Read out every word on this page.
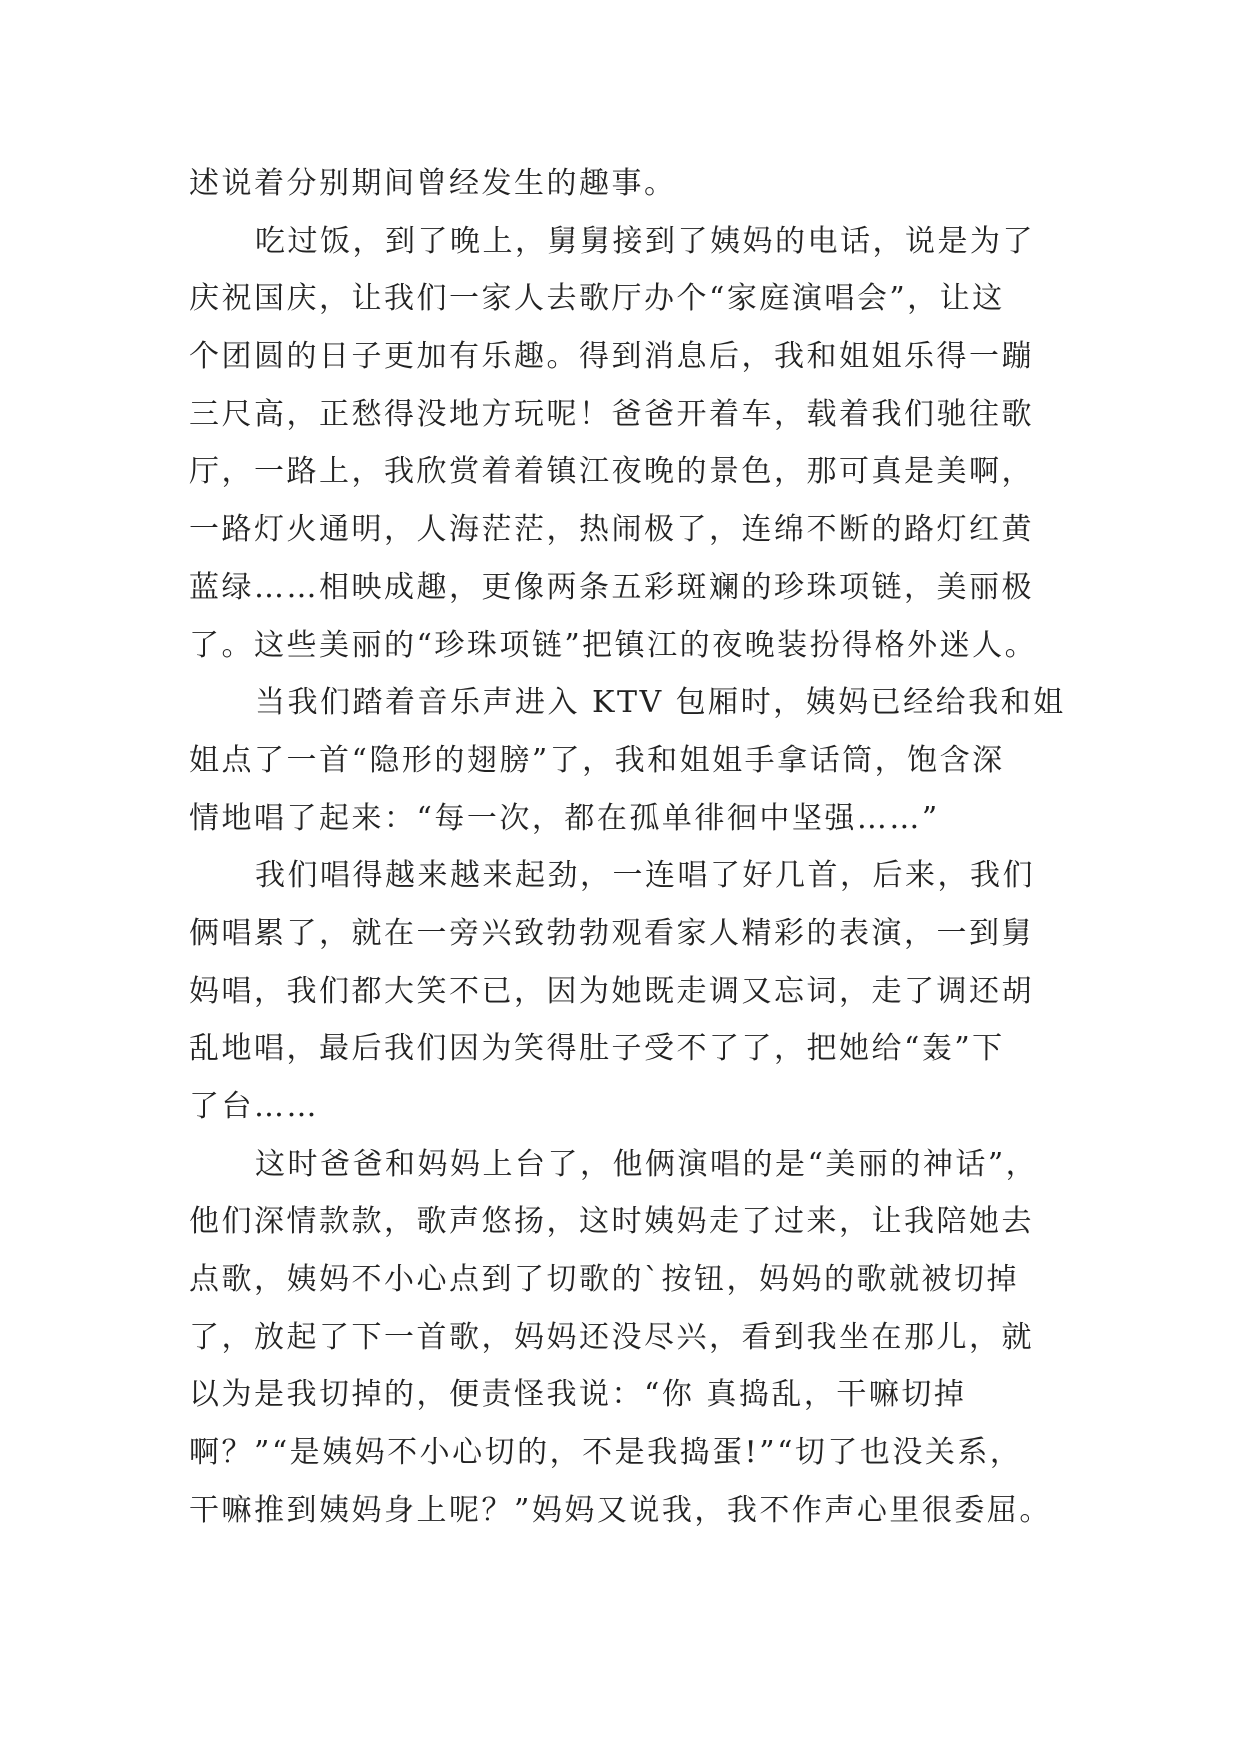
述说着分别期间曾经发生的趣事。
吃过饭，到了晚上，舅舅接到了姨妈的电话，说是为了
庆祝国庆，让我们一家人去歌厅办个“家庭演唱会”，让这
个团圆的日子更加有乐趣。得到消息后，我和姐姐乐得一蹦
三尺高，正愁得没地方玩呢！爸爸开着车，载着我们驰往歌
厅，一路上，我欣赏着着镇江夜晚的景色，那可真是美啊，
一路灯火通明，人海茫茫，热闹极了，连绵不断的路灯红黄
蓝绿……相映成趣，更像两条五彩斑斓的珍珠项链，美丽极
了。这些美丽的“珍珠项链”把镇江的夜晚装扮得格外迷人。
当我们踏着音乐声进入 KTV 包厢时，姨妈已经给我和姐
姐点了一首“隐形的翅膀”了，我和姐姐手拿话筒，饱含深
情地唱了起来：“每一次，都在孤单徘徊中坚强……”
我们唱得越来越来起劲，一连唱了好几首，后来，我们
俩唱累了，就在一旁兴致勃勃观看家人精彩的表演，一到舅
妈唱，我们都大笑不已，因为她既走调又忘词，走了调还胡
乱地唱，最后我们因为笑得肚子受不了了，把她给“轰”下
了台……
这时爸爸和妈妈上台了，他俩演唱的是“美丽的神话”，
他们深情款款，歌声悠扬，这时姨妈走了过来，让我陪她去
点歌，姨妈不小心点到了切歌的`按钮，妈妈的歌就被切掉
了，放起了下一首歌，妈妈还没尽兴，看到我坐在那儿，就
以为是我切掉的，便责怪我说：“你 真捣乱，干嘛切掉
啊？”“是姨妈不小心切的，不是我捣蛋!”“切了也没关系，
干嘛推到姨妈身上呢？”妈妈又说我，我不作声心里很委屈。
